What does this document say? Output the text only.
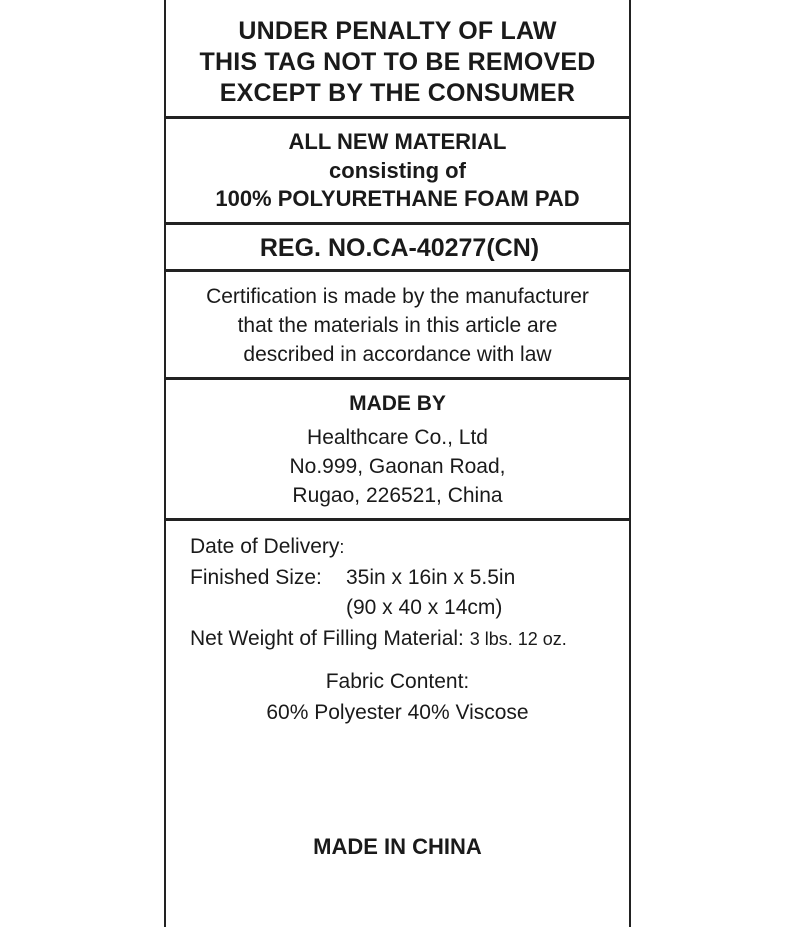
UNDER PENALTY OF LAW
THIS TAG NOT TO BE REMOVED
EXCEPT BY THE CONSUMER
ALL NEW MATERIAL
consisting of
100% POLYURETHANE FOAM PAD
REG. NO.CA-40277(CN)
Certification is made by the manufacturer
that the materials in this article are
described in accordance with law
MADE BY
Healthcare Co., Ltd
No.999, Gaonan Road,
Rugao, 226521, China
Date of Delivery:
Finished Size: 35in x 16in x 5.5in
(90 x 40 x 14cm)
Net Weight of Filling Material: 3 lbs. 12 oz.
Fabric Content:
60% Polyester 40% Viscose
MADE IN CHINA
